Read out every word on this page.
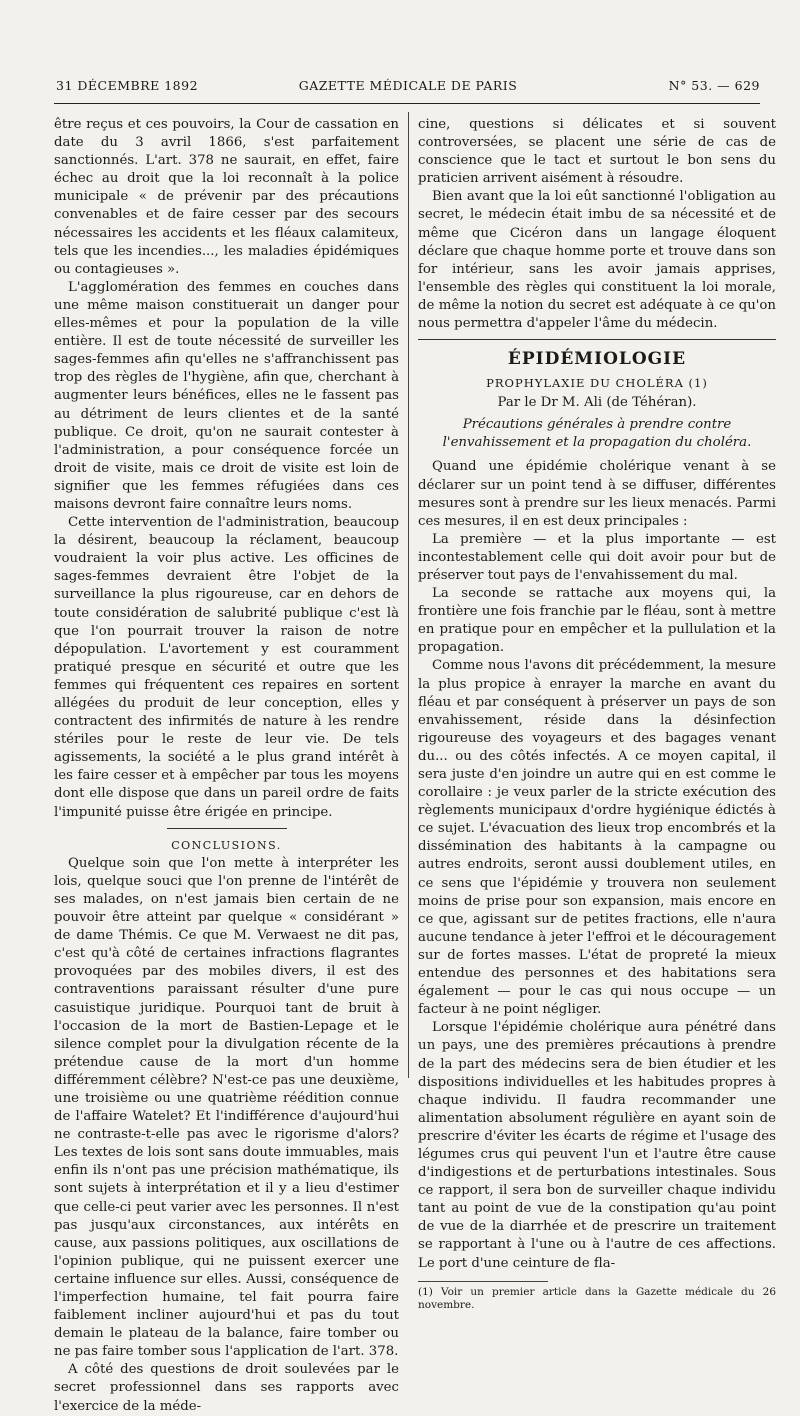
31 DÉCEMBRE 1892	GAZETTE MÉDICALE DE PARIS	N° 53. — 629

être reçus et ces pouvoirs, la Cour de cassation en date du 3 avril 1866, s'est parfaitement sanctionnés. L'art. 378 ne saurait, en effet, faire échec au droit que la loi reconnaît à la police municipale « de prévenir par des précautions convenables et de faire cesser par des secours nécessaires les accidents et les fléaux calamiteux, tels que les incendies..., les maladies épidémiques ou contagieuses ».

L'agglomération des femmes en couches dans une même maison constituerait un danger pour elles-mêmes et pour la population de la ville entière. Il est de toute nécessité de surveiller les sages-femmes afin qu'elles ne s'affranchissent pas trop des règles de l'hygiène, afin que, cherchant à augmenter leurs bénéfices, elles ne le fassent pas au détriment de leurs clientes et de la santé publique. Ce droit, qu'on ne saurait contester à l'administration, a pour conséquence forcée un droit de visite, mais ce droit de visite est loin de signifier que les femmes réfugiées dans ces maisons devront faire connaître leurs noms.

Cette intervention de l'administration, beaucoup la désirent, beaucoup la réclament, beaucoup voudraient la voir plus active. Les officines de sages-femmes devraient être l'objet de la surveillance la plus rigoureuse, car en dehors de toute considération de salubrité publique c'est là que l'on pourrait trouver la raison de notre dépopulation. L'avortement y est couramment pratiqué presque en sécurité et outre que les femmes qui fréquentent ces repaires en sortent allégées du produit de leur conception, elles y contractent des infirmités de nature à les rendre stériles pour le reste de leur vie. De tels agissements, la société a le plus grand intérêt à les faire cesser et à empêcher par tous les moyens dont elle dispose que dans un pareil ordre de faits l'impunité puisse être érigée en principe.

CONCLUSIONS.

Quelque soin que l'on mette à interpréter les lois, quelque souci que l'on prenne de l'intérêt de ses malades, on n'est jamais bien certain de ne pouvoir être atteint par quelque « considérant » de dame Thémis. Ce que M. Verwaest ne dit pas, c'est qu'à côté de certaines infractions flagrantes provoquées par des mobiles divers, il est des contraventions paraissant résulter d'une pure casuistique juridique. Pourquoi tant de bruit à l'occasion de la mort de Bastien-Lepage et le silence complet pour la divulgation récente de la prétendue cause de la mort d'un homme différemment célèbre? N'est-ce pas une deuxième, une troisième ou une quatrième réédition connue de l'affaire Watelet? Et l'indifférence d'aujourd'hui ne contraste-t-elle pas avec le rigorisme d'alors? Les textes de lois sont sans doute immuables, mais enfin ils n'ont pas une précision mathématique, ils sont sujets à interprétation et il y a lieu d'estimer que celle-ci peut varier avec les personnes. Il n'est pas jusqu'aux circonstances, aux intérêts en cause, aux passions politiques, aux oscillations de l'opinion publique, qui ne puissent exercer une certaine influence sur elles. Aussi, conséquence de l'imperfection humaine, tel fait pourra faire faiblement incliner aujourd'hui et pas du tout demain le plateau de la balance, faire tomber ou ne pas faire tomber sous l'application de l'art. 378.

A côté des questions de droit soulevées par le secret professionnel dans ses rapports avec l'exercice de la méde-

cine, questions si délicates et si souvent controversées, se placent une série de cas de conscience que le tact et surtout le bon sens du praticien arrivent aisément à résoudre.

Bien avant que la loi eût sanctionné l'obligation au secret, le médecin était imbu de sa nécessité et de même que Cicéron dans un langage éloquent déclare que chaque homme porte et trouve dans son for intérieur, sans les avoir jamais apprises, l'ensemble des règles qui constituent la loi morale, de même la notion du secret est adéquate à ce qu'on nous permettra d'appeler l'âme du médecin.

ÉPIDÉMIOLOGIE
PROPHYLAXIE DU CHOLÉRA (1)
Par le Dr M. Ali (de Téhéran).
Précautions générales à prendre contre l'envahissement et la propagation du choléra.

Quand une épidémie cholérique venant à se déclarer sur un point tend à se diffuser, différentes mesures sont à prendre sur les lieux menacés. Parmi ces mesures, il en est deux principales :

La première — et la plus importante — est incontestablement celle qui doit avoir pour but de préserver tout pays de l'envahissement du mal.

La seconde se rattache aux moyens qui, la frontière une fois franchie par le fléau, sont à mettre en pratique pour en empêcher et la pullulation et la propagation.

Comme nous l'avons dit précédemment, la mesure la plus propice à enrayer la marche en avant du fléau et par conséquent à préserver un pays de son envahissement, réside dans la désinfection rigoureuse des voyageurs et des bagages venant du... ou des côtés infectés. A ce moyen capital, il sera juste d'en joindre un autre qui en est comme le corollaire : je veux parler de la stricte exécution des règlements municipaux d'ordre hygiénique édictés à ce sujet. L'évacuation des lieux trop encombrés et la dissémination des habitants à la campagne ou autres endroits, seront aussi doublement utiles, en ce sens que l'épidémie y trouvera non seulement moins de prise pour son expansion, mais encore en ce que, agissant sur de petites fractions, elle n'aura aucune tendance à jeter l'effroi et le découragement sur de fortes masses. L'état de propreté la mieux entendue des personnes et des habitations sera également — pour le cas qui nous occupe — un facteur à ne point négliger.

Lorsque l'épidémie cholérique aura pénétré dans un pays, une des premières précautions à prendre de la part des médecins sera de bien étudier et les dispositions individuelles et les habitudes propres à chaque individu. Il faudra recommander une alimentation absolument régulière en ayant soin de prescrire d'éviter les écarts de régime et l'usage des légumes crus qui peuvent l'un et l'autre être cause d'indigestions et de perturbations intestinales. Sous ce rapport, il sera bon de surveiller chaque individu tant au point de vue de la constipation qu'au point de vue de la diarrhée et de prescrire un traitement se rapportant à l'une ou à l'autre de ces affections. Le port d'une ceinture de fla-

(1) Voir un premier article dans la Gazette médicale du 26 novembre.
